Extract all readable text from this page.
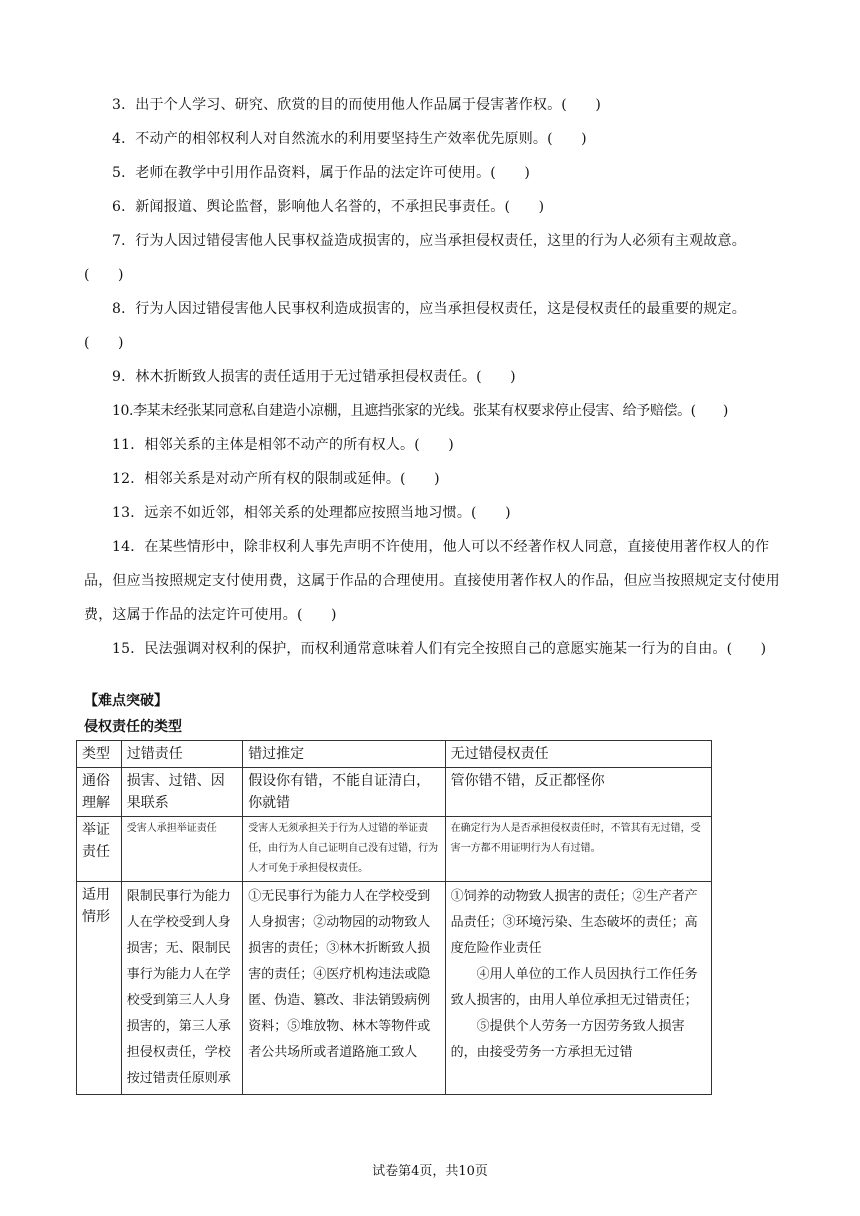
3．出于个人学习、研究、欣赏的目的而使用他人作品属于侵害著作权。(　　)

4．不动产的相邻权利人对自然流水的利用要坚持生产效率优先原则。(　　)

5．老师在教学中引用作品资料，属于作品的法定许可使用。(　　)

6．新闻报道、舆论监督，影响他人名誉的，不承担民事责任。(　　)

7．行为人因过错侵害他人民事权益造成损害的，应当承担侵权责任，这里的行为人必须有主观故意。(　　)

8．行为人因过错侵害他人民事权利造成损害的，应当承担侵权责任，这是侵权责任的最重要的规定。(　　)

9．林木折断致人损害的责任适用于无过错承担侵权责任。(　　)

10.李某未经张某同意私自建造小凉棚，且遮挡张家的光线。张某有权要求停止侵害、给予赔偿。(　　)

11．相邻关系的主体是相邻不动产的所有权人。(　　)

12．相邻关系是对动产所有权的限制或延伸。(　　)

13．远亲不如近邻，相邻关系的处理都应按照当地习惯。(　　)

14．在某些情形中，除非权利人事先声明不许使用，他人可以不经著作权人同意，直接使用著作权人的作品，但应当按照规定支付使用费，这属于作品的合理使用。直接使用著作权人的作品，但应当按照规定支付使用费，这属于作品的法定许可使用。(　　)

15．民法强调对权利的保护，而权利通常意味着人们有完全按照自己的意愿实施某一行为的自由。(　　)

【难点突破】

侵权责任的类型

类型	过错责任	错过推定	无过错侵权责任
通俗理解	损害、过错、因果联系	假设你有错，不能自证清白，你就错	管你错不错，反正都怪你
举证责任	受害人承担举证责任	受害人无须承担关于行为人过错的举证责任，由行为人自己证明自己没有过错，行为人才可免于承担侵权责任。	在确定行为人是否承担侵权责任时，不管其有无过错，受害一方都不用证明行为人有过错。
适用情形	限制民事行为能力人在学校受到人身损害；无、限制民事行为能力人在学校受到第三人人身损害的，第三人承担侵权责任，学校按过错责任原则承	①无民事行为能力人在学校受到人身损害；②动物园的动物致人损害的责任；③林木折断致人损害的责任；④医疗机构违法或隐匿、伪造、篡改、非法销毁病例资料；⑤堆放物、林木等物件或者公共场所或者道路施工致人	①饲养的动物致人损害的责任；②生产者产品责任；③环境污染、生态破坏的责任；高度危险作业责任
④用人单位的工作人员因执行工作任务致人损害的，由用人单位承担无过错责任；
⑤提供个人劳务一方因劳务致人损害的，由接受劳务一方承担无过错

试卷第4页，共10页
